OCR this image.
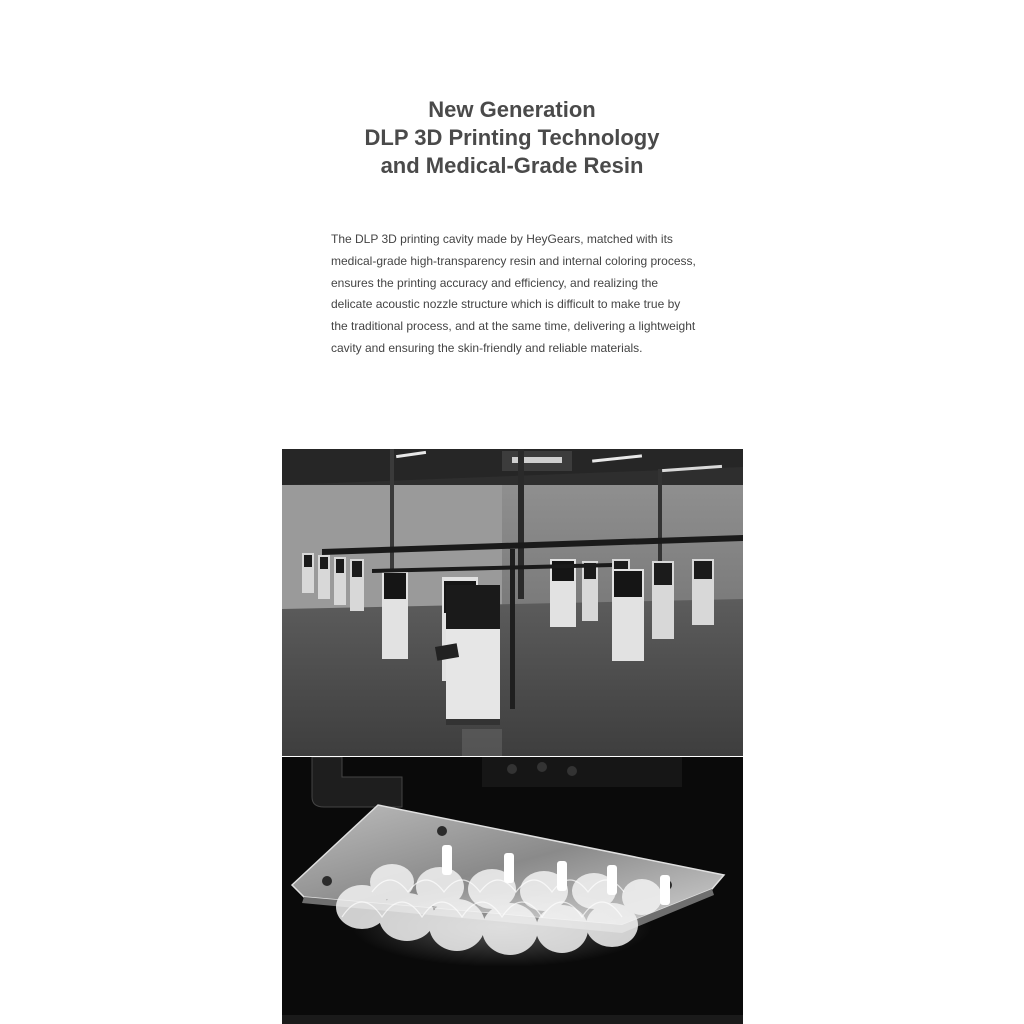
New Generation
DLP 3D Printing Technology
and Medical-Grade Resin

The DLP 3D printing cavity made by HeyGears, matched with its medical-grade high-transparency resin and internal coloring process, ensures the printing accuracy and efficiency, and realizing the delicate acoustic nozzle structure which is difficult to make true by the traditional process, and at the same time, delivering a lightweight cavity and ensuring the skin-friendly and reliable materials.
